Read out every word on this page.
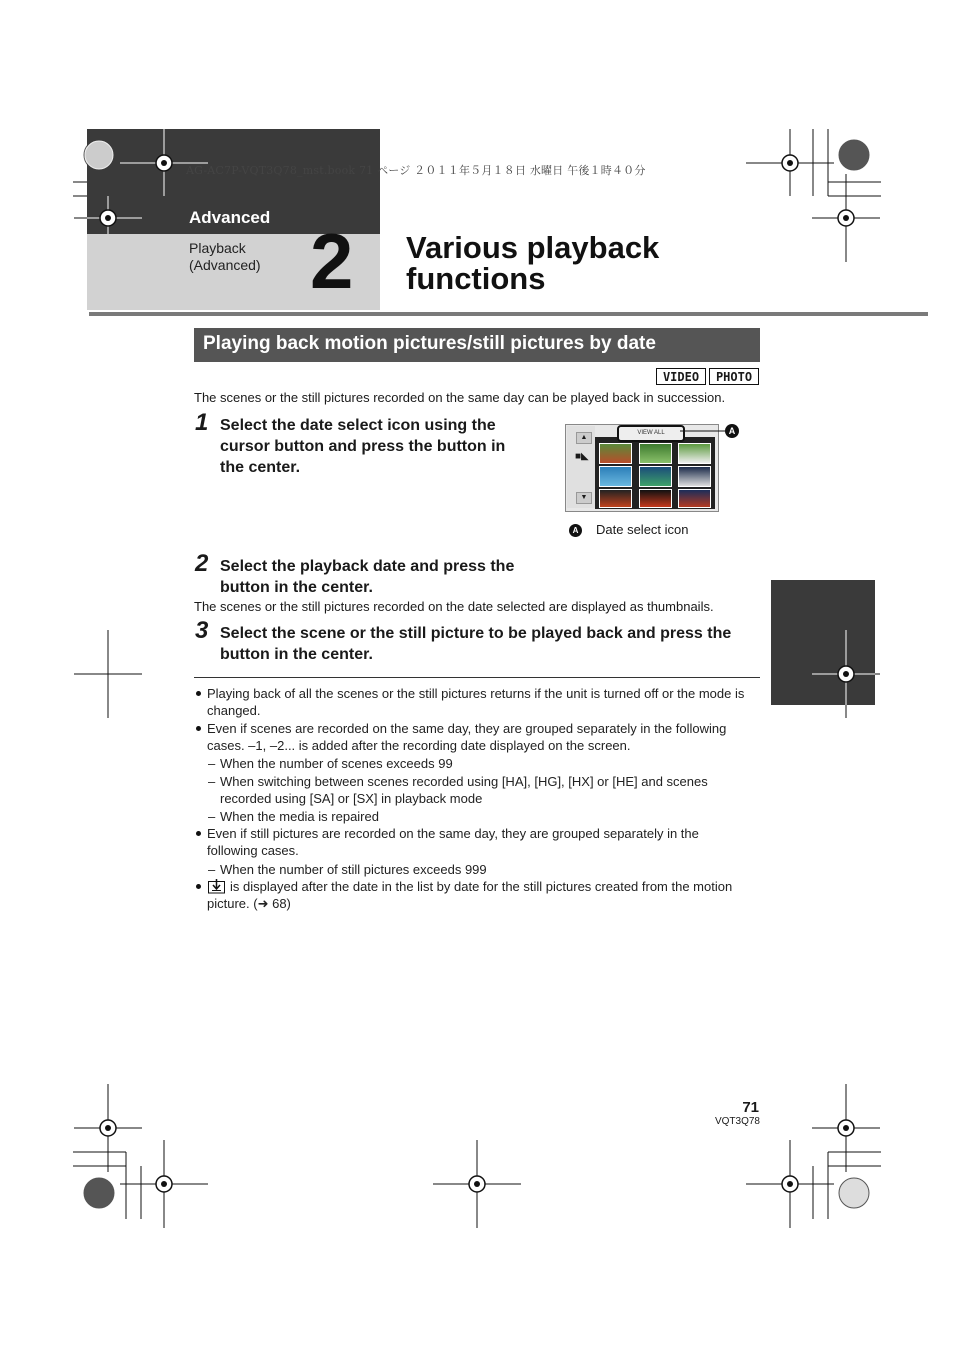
AG-AC7P-VQT3Q78_mst.book 71 ページ ２０１１年５月１８日 水曜日 午後１時４０分
Advanced
Playback
(Advanced) 2 Various playback
functions
Playing back motion pictures/still pictures by date
VIDEO	PHOTO
The scenes or the still pictures recorded on the same day can be played back in succession.
1 Select the date select icon using the
cursor button and press the button in
the center.
▲
▼
■◣
VIEW ALL	A
A Date select icon
2 Select the playback date and press the
button in the center.
The scenes or the still pictures recorded on the date selected are displayed as thumbnails.
3 Select the scene or the still picture to be played back and press the
button in the center.
Playing back of all the scenes or the still pictures returns if the unit is turned off or the mode is changed.
Even if scenes are recorded on the same day, they are grouped separately in the following cases. –1, –2... is added after the recording date displayed on the screen.
– When the number of scenes exceeds 99
– When switching between scenes recorded using [HA], [HG], [HX] or [HE] and scenes recorded using [SA] or [SX] in playback mode
– When the media is repaired
Even if still pictures are recorded on the same day, they are grouped separately in the following cases.
– When the number of still pictures exceeds 999
is displayed after the date in the list by date for the still pictures created from the motion picture. (➜ 68)
71
VQT3Q78
